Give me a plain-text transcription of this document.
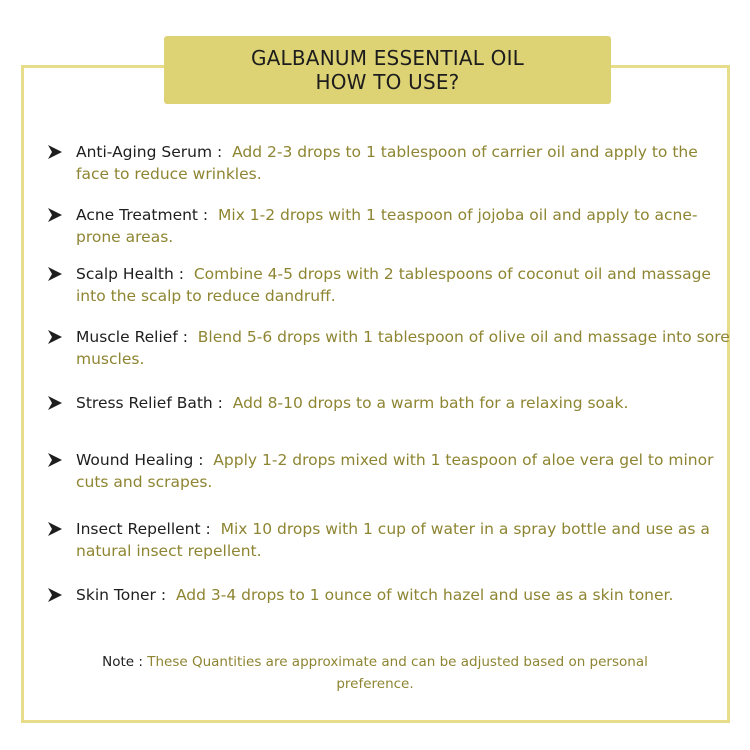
GALBANUM ESSENTIAL OIL
HOW TO USE?
Anti-Aging Serum : Add 2-3 drops to 1 tablespoon of carrier oil and apply to the face to reduce wrinkles.
Acne Treatment : Mix 1-2 drops with 1 teaspoon of jojoba oil and apply to acne-prone areas.
Scalp Health : Combine 4-5 drops with 2 tablespoons of coconut oil and massage into the scalp to reduce dandruff.
Muscle Relief : Blend 5-6 drops with 1 tablespoon of olive oil and massage into sore muscles.
Stress Relief Bath : Add 8-10 drops to a warm bath for a relaxing soak.
Wound Healing : Apply 1-2 drops mixed with 1 teaspoon of aloe vera gel to minor cuts and scrapes.
Insect Repellent : Mix 10 drops with 1 cup of water in a spray bottle and use as a natural insect repellent.
Skin Toner : Add 3-4 drops to 1 ounce of witch hazel and use as a skin toner.
Note : These Quantities are approximate and can be adjusted based on personal preference.
